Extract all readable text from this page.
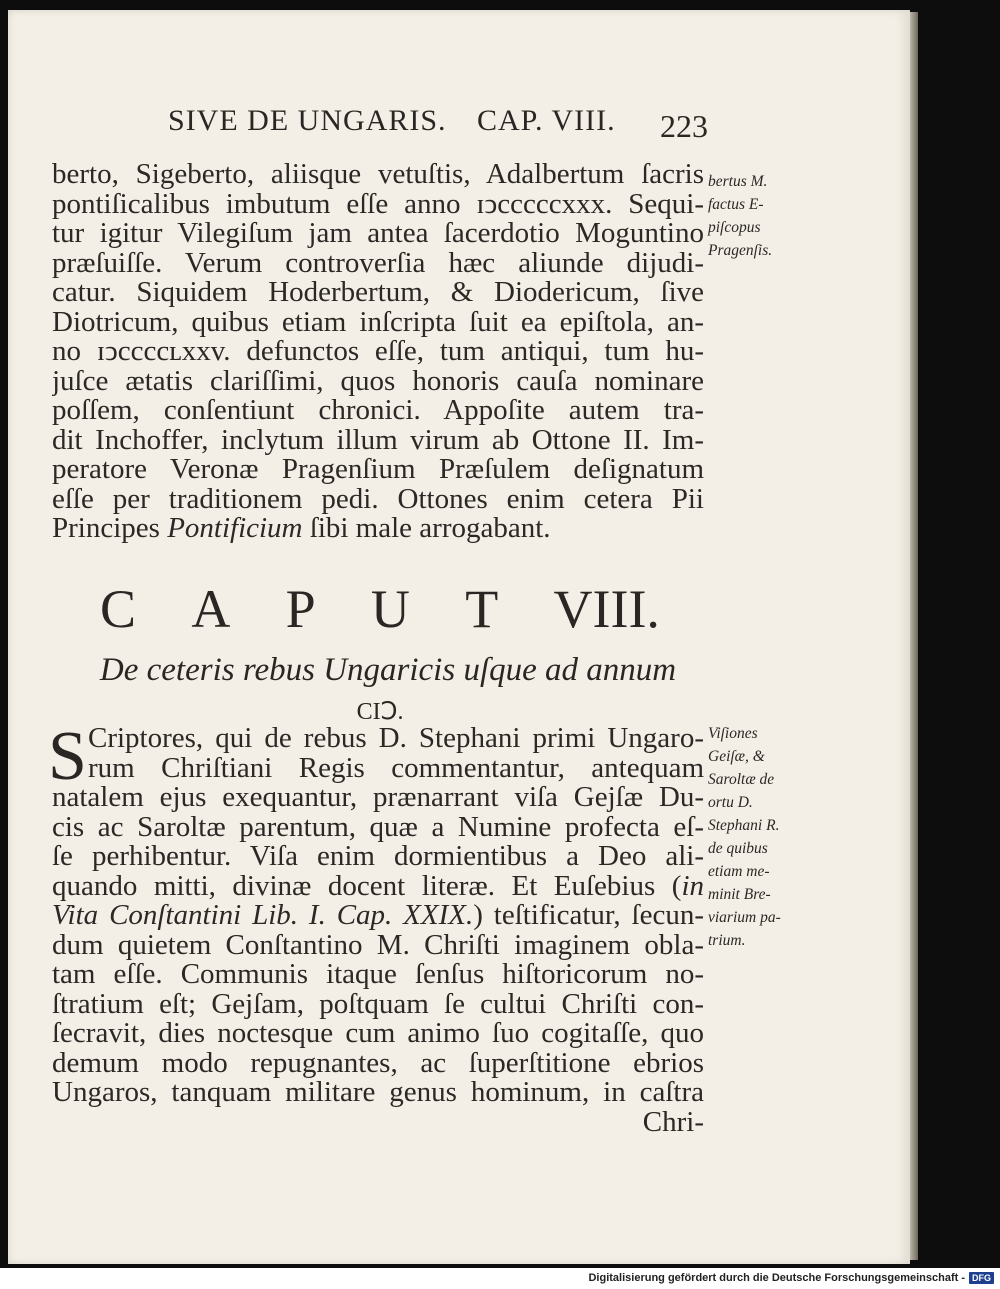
SIVE DE UNGARIS. CAP. VIII. 223
berto, Sigeberto, aliisque vetuſtis, Adalbertum ſacris
pontiſicalibus imbutum eſſe anno ɪↄcccccxxx. Sequi-
tur igitur Vilegiſum jam antea ſacerdotio Moguntino
præſuiſſe. Verum controverſia hæc aliunde dijudi-
catur. Siquidem Hoderbertum, & Diodericum, ſive
Diotricum, quibus etiam inſcripta ſuit ea epiſtola, an-
no ɪↄccccʟxxv. defunctos eſſe, tum antiqui, tum hu-
juſce ætatis clariſſimi, quos honoris cauſa nominare
poſſem, conſentiunt chronici. Appoſite autem tra-
dit Inchoffer, inclytum illum virum ab Ottone II. Im-
peratore Veronæ Pragenſium Præſulem deſignatum
eſſe per traditionem pedi. Ottones enim cetera Pii
Principes Pontificium ſibi male arrogabant.
bertus M.
factus E-
piſcopus
Pragenſis.
C A P U T VIII.
De ceteris rebus Ungaricis uſque ad annum
CIↃ.
S Criptores, qui de rebus D. Stephani primi Ungaro-
rum Chriſtiani Regis commentantur, antequam
natalem ejus exequantur, prænarrant viſa Gejſæ Du-
cis ac Saroltæ parentum, quæ a Numine profecta eſ-
ſe perhibentur. Viſa enim dormientibus a Deo ali-
quando mitti, divinæ docent literæ. Et Euſebius (in
Vita Conſtantini Lib. I. Cap. XXIX.) teſtificatur, ſecun-
dum quietem Conſtantino M. Chriſti imaginem obla-
tam eſſe. Communis itaque ſenſus hiſtoricorum no-
ſtratium eſt; Gejſam, poſtquam ſe cultui Chriſti con-
ſecravit, dies noctesque cum animo ſuo cogitaſſe, quo
demum modo repugnantes, ac ſuperſtitione ebrios
Ungaros, tanquam militare genus hominum, in caſtra
Chri-
Viſiones
Geiſæ, &
Saroltæ de
ortu D.
Stephani R.
de quibus
etiam me-
minit Bre-
viarium pa-
trium.
Digitalisierung gefördert durch die Deutsche Forschungsgemeinschaft - DFG
